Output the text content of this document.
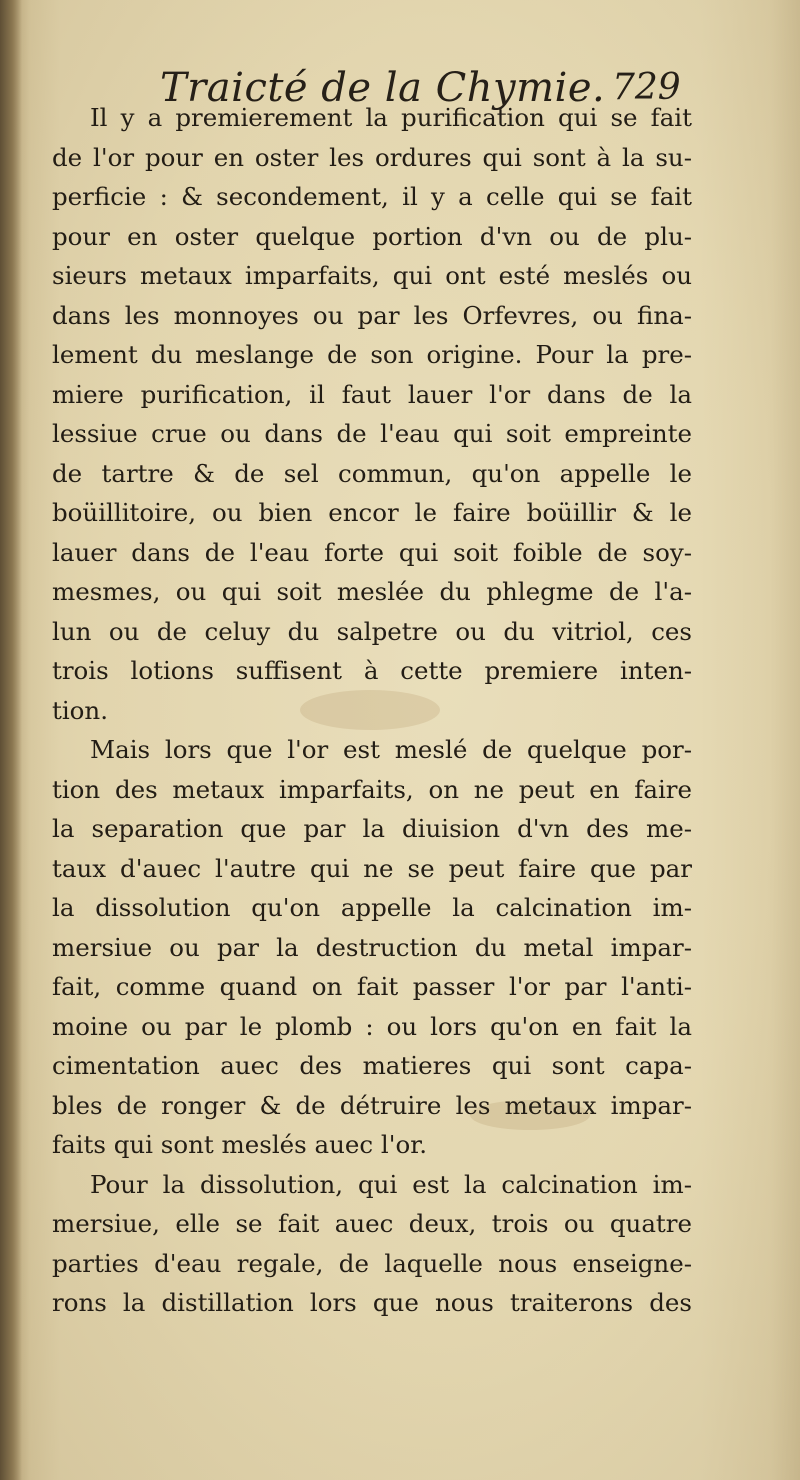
Traicté de la Chymie. 729
Il y a premierement la purification qui se fait
de l'or pour en oster les ordures qui sont à la su-
perficie : & secondement, il y a celle qui se fait
pour en oster quelque portion d'vn ou de plu-
sieurs metaux imparfaits, qui ont esté meslés ou
dans les monnoyes ou par les Orfevres, ou fina-
lement du meslange de son origine. Pour la pre-
miere purification, il faut lauer l'or dans de la
lessiue crue ou dans de l'eau qui soit empreinte
de tartre & de sel commun, qu'on appelle le
boüillitoire, ou bien encor le faire boüillir & le
lauer dans de l'eau forte qui soit foible de soy-
mesmes, ou qui soit meslée du phlegme de l'a-
lun ou de celuy du salpetre ou du vitriol, ces
trois lotions suffisent à cette premiere inten-
tion.
Mais lors que l'or est meslé de quelque por-
tion des metaux imparfaits, on ne peut en faire
la separation que par la diuision d'vn des me-
taux d'auec l'autre qui ne se peut faire que par
la dissolution qu'on appelle la calcination im-
mersiue ou par la destruction du metal impar-
fait, comme quand on fait passer l'or par l'anti-
moine ou par le plomb : ou lors qu'on en fait la
cimentation auec des matieres qui sont capa-
bles de ronger & de détruire les metaux impar-
faits qui sont meslés auec l'or.
Pour la dissolution, qui est la calcination im-
mersiue, elle se fait auec deux, trois ou quatre
parties d'eau regale, de laquelle nous enseigne-
rons la distillation lors que nous traiterons des
